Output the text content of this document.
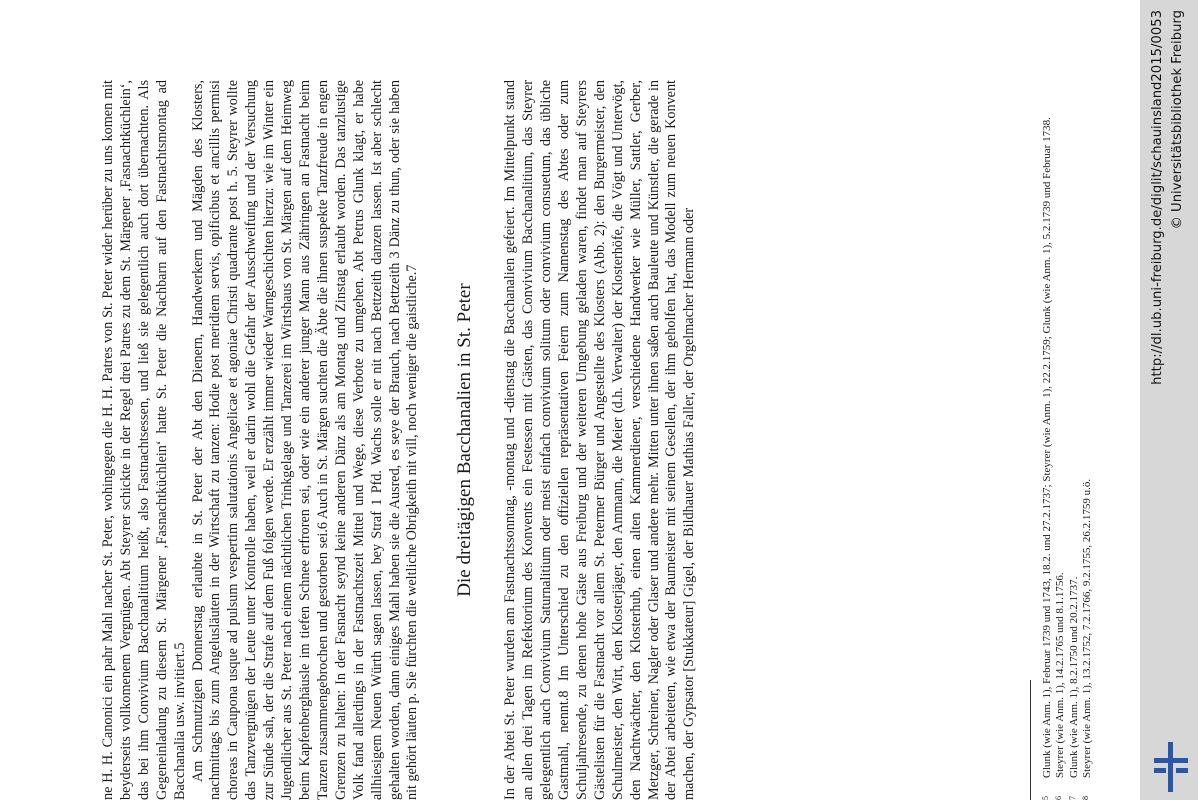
ne H. H. Canonici ein pahr Mahl nacher St. Peter, wohingegen die H. H. Patres von St. Peter wider herüber zu uns komen mit beyderseits vollkomenem Vergnügen. Abt Steyrer schickte in der Regel drei Patres zu dem St. Märgener ‚Fasnachtküchlein‘, das bei ihm Convivium Bacchanalitium heißt, also Fastnachtsessen, und ließ sie gelegentlich auch dort übernachten. Als Gegeneinladung zu diesem St. Märgener ‚Fasnachtküchlein‘ hatte St. Peter die Nachbarn auf den Fastnachtsmontag ad Bacchanalia usw. invitiert.5 Am Schmutzigen Donnerstag erlaubte in St. Peter der Abt den Dienern, Handwerkern und Mägden des Klosters, nachmittags bis zum Angelusläuten in der Wirtschaft zu tanzen: Hodie post meridiem servis, opificibus et ancillis permisi choreas in Caupona usque ad pulsum vespertim salutationis Angelicae et agoniae Christi quadrante post h. 5. Steyrer wollte das Tanzvergnügen der Leute unter Kontrolle haben, weil er darin wohl die Gefahr der Ausschweifung und der Versuchung zur Sünde sah, der die Strafe auf dem Fuß folgen werde. Er erzählt immer wieder Warngeschichten hierzu: wie im Winter ein Jugendlicher aus St. Peter nach einem nächtlichen Trinkgelage und Tanzerei im Wirtshaus von St. Märgen auf dem Heimweg beim Kapfenberghäusle im tiefen Schnee erfroren sei, oder wie ein anderer junger Mann aus Zähringen an Fastnacht beim Tanzen zusammengebrochen und gestorben sei.6 Auch in St. Märgen suchten die Äbte die ihnen suspekte Tanzfreude in engen Grenzen zu halten: In der Fasnacht seynd keine anderen Dänz als am Montag und Zinstag erlaubt worden. Das tanzlustige Volk fand allerdings in der Fastnachtszeit Mittel und Wege, diese Verbote zu umgehen. Abt Petrus Glunk klagt, er habe allhiesigem Neuen Würth sagen lassen, bey Straf 1 Pfd. Wachs solle er nit nach Bettzeith danzen lassen. Ist aber schlecht gehalten worden, dann einiges Mahl haben sie die Ausred, es seye der Brauch, nach Bettzeith 3 Dänz zu thun, oder sie haben nit gehört läuten p. Sie fürchten die weltliche Obrigkeith nit vill, noch weniger die gaistliche.7 Die dreitägigen Bacchanalien in St. Peter In der Abtei St. Peter wurden am Fastnachtssonntag, -montag und -dienstag die Bacchanalien gefeiert. Im Mittelpunkt stand an allen drei Tagen im Refektorium des Konvents ein Festessen mit Gästen, das Convivium Bacchanalitium, das Steyrer gelegentlich auch Convivium Saturnalitium oder meist einfach convivium solitum oder convivium consuetum, das übliche Gastmahl, nennt.8 Im Unterschied zu den offiziellen repräsentativen Feiern zum Namenstag des Abtes oder zum Schuljahresende, zu denen hohe Gäste aus Freiburg und der weiteren Umgebung geladen waren, findet man auf Steyrers Gästelisten für die Fastnacht vor allem St. Petermer Bürger und Angestellte des Klosters (Abb. 2): den Burgermeister, den Schulmeister, den Wirt, den Klosterjäger, den Ammann, die Meier (d.h. Verwalter) der Klosterhöfe, die Vögt und Untervögt, den Nachtwächter, den Klosterhub, einen alten Kammerdiener, verschiedene Handwerker wie Müller, Sattler, Gerber, Metzger, Schreiner, Nagler oder Glaser und andere mehr. Mitten unter ihnen saßen auch Bauleute und Künstler, die gerade in der Abtei arbeiteten, wie etwa der Baumeister mit seinem Gesellen, der ihm geholfen hat, das Modell zum neuen Konvent machen, der Gypsator [Stukkateur] Gigel, der Bildhauer Mathias Faller, der Orgelmacher Hermann oder	5
Glunk (wie Anm. 1), Februar 1739 und 1743, 18.2. und 27.2.1737; Steyrer (wie Anm. 1), 22.2.1759; Glunk (wie Anm. 1), 5.2.1739 und Februar 1738.

6
Steyrer (wie Anm. 1), 14.2.1765 und 8.1.1756.

7
Glunk (wie Anm. 1), 8.2.1750 und 20.2.1737.

8
Steyrer (wie Anm. 1), 13.2.1752, 7.2.1766, 9.2.1755, 26.2.1759 u.ö.

http://dl.ub.uni-freiburg.de/diglit/schauinsland2015/0053 © Universitätsbibliothek Freiburg
